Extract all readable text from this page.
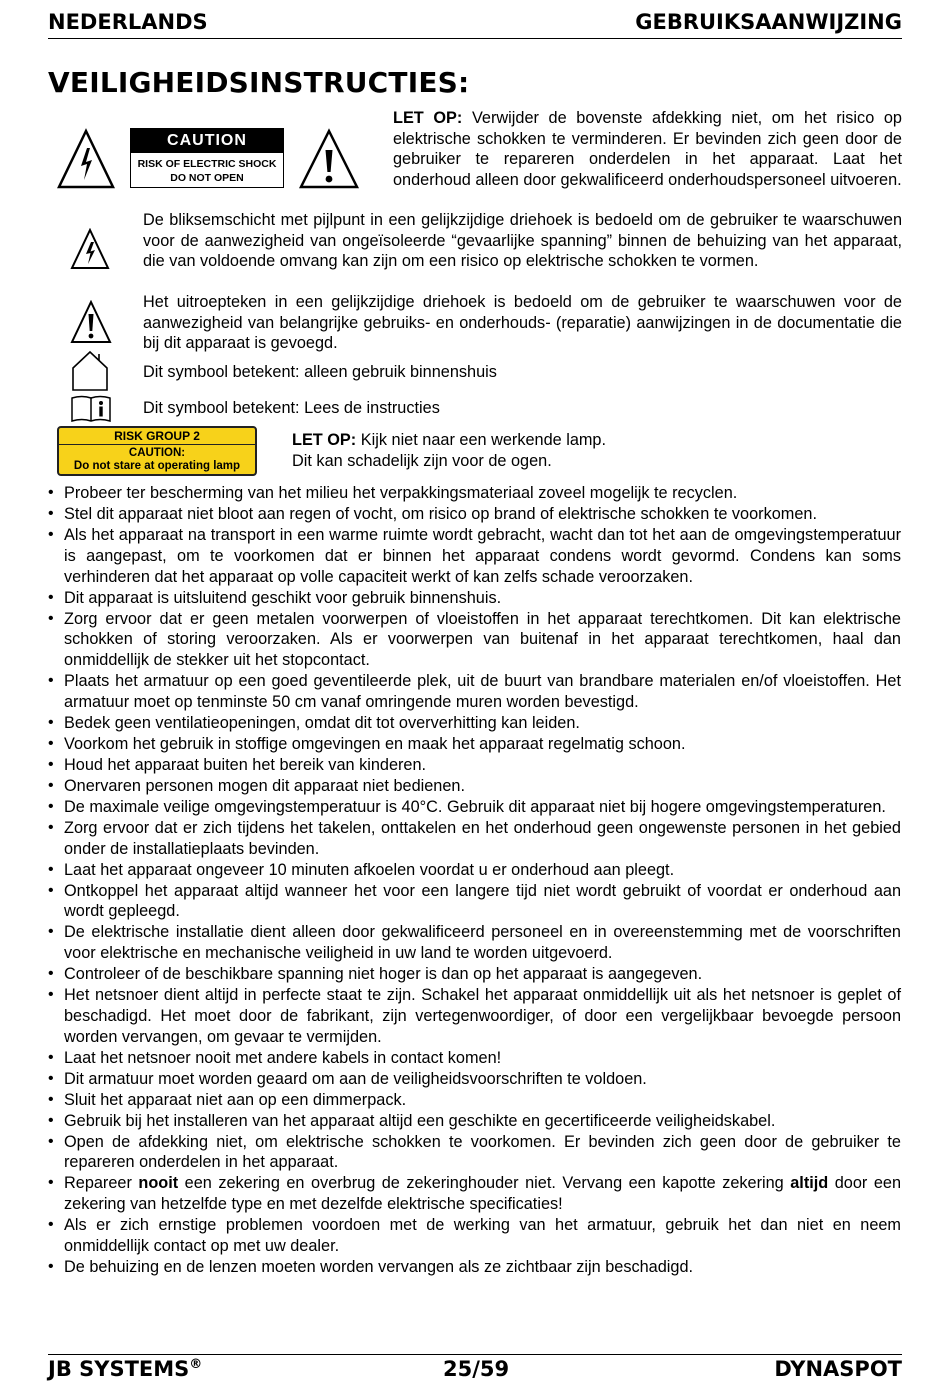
NEDERLANDS	GEBRUIKSAANWIJZING
VEILIGHEIDSINSTRUCTIES:
CAUTION
RISK OF ELECTRIC SHOCK
DO NOT OPEN
LET OP: Verwijder de bovenste afdekking niet, om het risico op elektrische schokken te verminderen. Er bevinden zich geen door de gebruiker te repareren onderdelen in het apparaat. Laat het onderhoud alleen door gekwalificeerd onderhoudspersoneel uitvoeren.
De bliksemschicht met pijlpunt in een gelijkzijdige driehoek is bedoeld om de gebruiker te waarschuwen voor de aanwezigheid van ongeïsoleerde “gevaarlijke spanning” binnen de behuizing van het apparaat, die van voldoende omvang kan zijn om een risico op elektrische schokken te vormen.
Het uitroepteken in een gelijkzijdige driehoek is bedoeld om de gebruiker te waarschuwen voor de aanwezigheid van belangrijke gebruiks- en onderhouds- (reparatie) aanwijzingen in de documentatie die bij dit apparaat is gevoegd.
Dit symbool betekent: alleen gebruik binnenshuis
Dit symbool betekent: Lees de instructies
RISK GROUP 2
CAUTION:
Do not stare at operating lamp
LET OP: Kijk niet naar een werkende lamp.
Dit kan schadelijk zijn voor de ogen.
• Probeer ter bescherming van het milieu het verpakkingsmateriaal zoveel mogelijk te recyclen.
• Stel dit apparaat niet bloot aan regen of vocht, om risico op brand of elektrische schokken te voorkomen.
• Als het apparaat na transport in een warme ruimte wordt gebracht, wacht dan tot het aan de omgevingstemperatuur is aangepast, om te voorkomen dat er binnen het apparaat condens wordt gevormd. Condens kan soms verhinderen dat het apparaat op volle capaciteit werkt of kan zelfs schade veroorzaken.
• Dit apparaat is uitsluitend geschikt voor gebruik binnenshuis.
• Zorg ervoor dat er geen metalen voorwerpen of vloeistoffen in het apparaat terechtkomen. Dit kan elektrische schokken of storing veroorzaken. Als er voorwerpen van buitenaf in het apparaat terechtkomen, haal dan onmiddellijk de stekker uit het stopcontact.
• Plaats het armatuur op een goed geventileerde plek, uit de buurt van brandbare materialen en/of vloeistoffen. Het armatuur moet op tenminste 50 cm vanaf omringende muren worden bevestigd.
• Bedek geen ventilatieopeningen, omdat dit tot oververhitting kan leiden.
• Voorkom het gebruik in stoffige omgevingen en maak het apparaat regelmatig schoon.
• Houd het apparaat buiten het bereik van kinderen.
• Onervaren personen mogen dit apparaat niet bedienen.
• De maximale veilige omgevingstemperatuur is 40°C. Gebruik dit apparaat niet bij hogere omgevingstemperaturen.
• Zorg ervoor dat er zich tijdens het takelen, onttakelen en het onderhoud geen ongewenste personen in het gebied onder de installatieplaats bevinden.
• Laat het apparaat ongeveer 10 minuten afkoelen voordat u er onderhoud aan pleegt.
• Ontkoppel het apparaat altijd wanneer het voor een langere tijd niet wordt gebruikt of voordat er onderhoud aan wordt gepleegd.
• De elektrische installatie dient alleen door gekwalificeerd personeel en in overeenstemming met de voorschriften voor elektrische en mechanische veiligheid in uw land te worden uitgevoerd.
• Controleer of de beschikbare spanning niet hoger is dan op het apparaat is aangegeven.
• Het netsnoer dient altijd in perfecte staat te zijn. Schakel het apparaat onmiddellijk uit als het netsnoer is geplet of beschadigd. Het moet door de fabrikant, zijn vertegenwoordiger, of door een vergelijkbaar bevoegde persoon worden vervangen, om gevaar te vermijden.
• Laat het netsnoer nooit met andere kabels in contact komen!
• Dit armatuur moet worden geaard om aan de veiligheidsvoorschriften te voldoen.
• Sluit het apparaat niet aan op een dimmerpack.
• Gebruik bij het installeren van het apparaat altijd een geschikte en gecertificeerde veiligheidskabel.
• Open de afdekking niet, om elektrische schokken te voorkomen. Er bevinden zich geen door de gebruiker te repareren onderdelen in het apparaat.
• Repareer nooit een zekering en overbrug de zekeringhouder niet. Vervang een kapotte zekering altijd door een zekering van hetzelfde type en met dezelfde elektrische specificaties!
• Als er zich ernstige problemen voordoen met de werking van het armatuur, gebruik het dan niet en neem onmiddellijk contact op met uw dealer.
• De behuizing en de lenzen moeten worden vervangen als ze zichtbaar zijn beschadigd.
JB SYSTEMS®	25/59	DYNASPOT
